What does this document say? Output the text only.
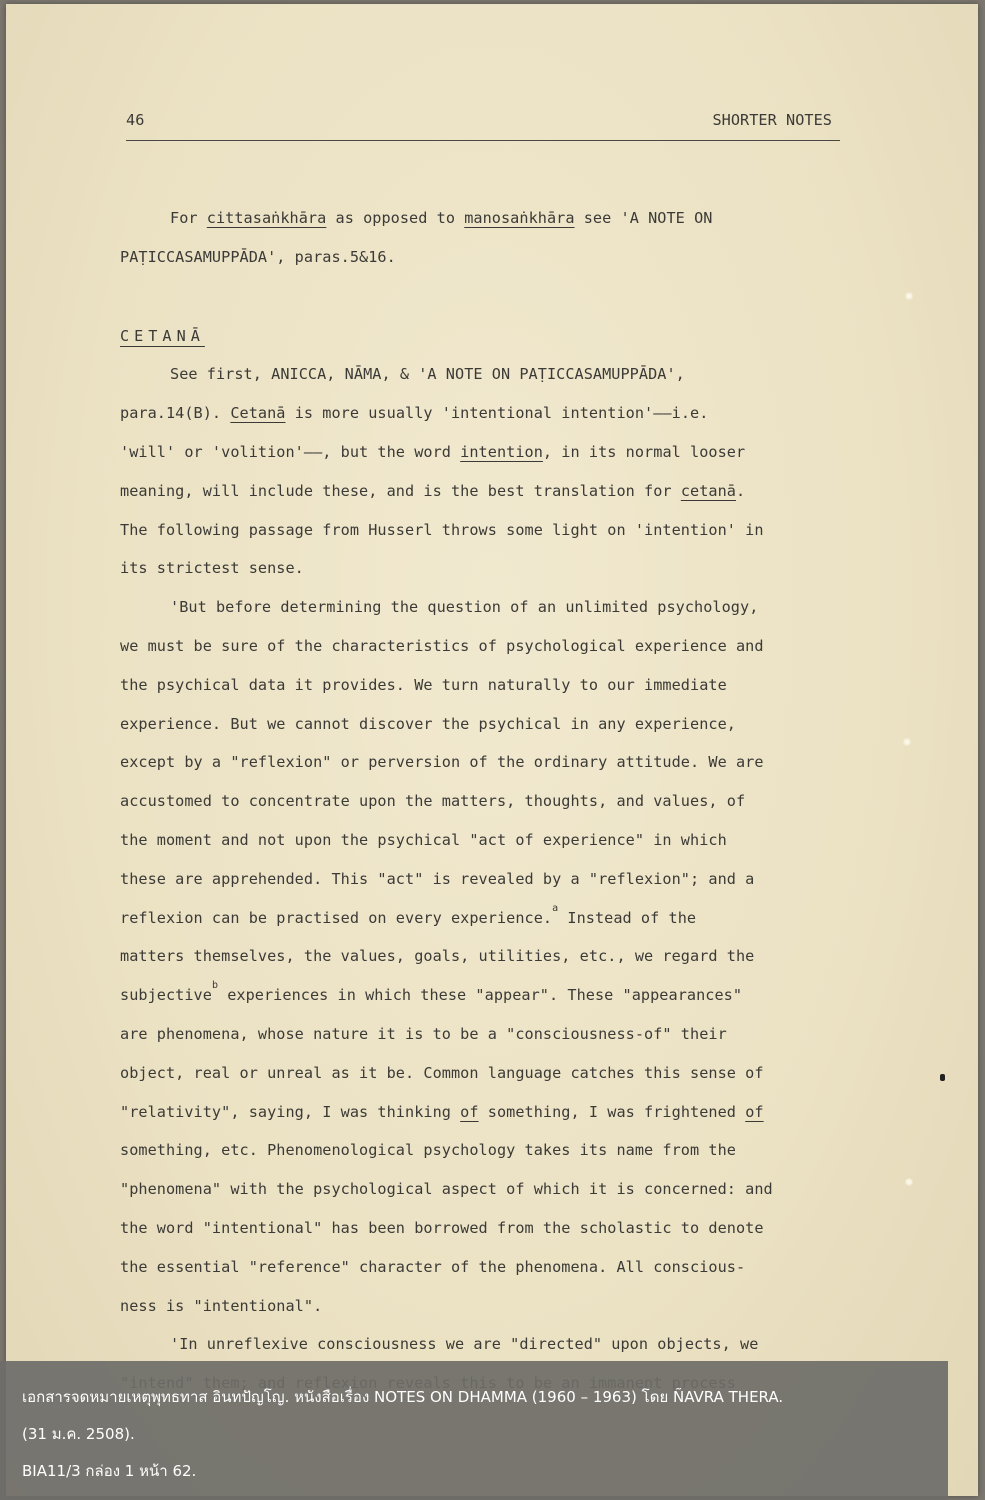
46	SHORTER NOTES
For cittasaṅkhāra as opposed to manosaṅkhāra see 'A NOTE ON
PAṬICCASAMUPPĀDA', paras.5&16.
CETANĀ
See first, ANICCA, NĀMA, & 'A NOTE ON PAṬICCASAMUPPĀDA',
para.14(B). Cetanā is more usually 'intentional intention'——i.e.
'will' or 'volition'——, but the word intention, in its normal looser
meaning, will include these, and is the best translation for cetanā.
The following passage from Husserl throws some light on 'intention' in
its strictest sense.
'But before determining the question of an unlimited psychology,
we must be sure of the characteristics of psychological experience and
the psychical data it provides. We turn naturally to our immediate
experience. But we cannot discover the psychical in any experience,
except by a "reflexion" or perversion of the ordinary attitude. We are
accustomed to concentrate upon the matters, thoughts, and values, of
the moment and not upon the psychical "act of experience" in which
these are apprehended. This "act" is revealed by a "reflexion"; and a
reflexion can be practised on every experience.$^a$ Instead of the
matters themselves, the values, goals, utilities, etc., we regard the
subjective$^b$ experiences in which these "appear". These "appearances"
are phenomena, whose nature it is to be a "consciousness-of" their
object, real or unreal as it be. Common language catches this sense of
"relativity", saying, I was thinking of something, I was frightened of
something, etc. Phenomenological psychology takes its name from the
"phenomena" with the psychological aspect of which it is concerned: and
the word "intentional" has been borrowed from the scholastic to denote
the essential "reference" character of the phenomena. All conscious-
ness is "intentional".
'In unreflexive consciousness we are "directed" upon objects, we
เอกสารจดหมายเหตุพุทธทาส อินทปัญโญ. หนังสือเรื่อง NOTES ON DHAMMA (1960 – 1963) โดย ÑAVRA THERA.
(31 ม.ค. 2508).
BIA11/3 กล่อง 1 หน้า 62.
